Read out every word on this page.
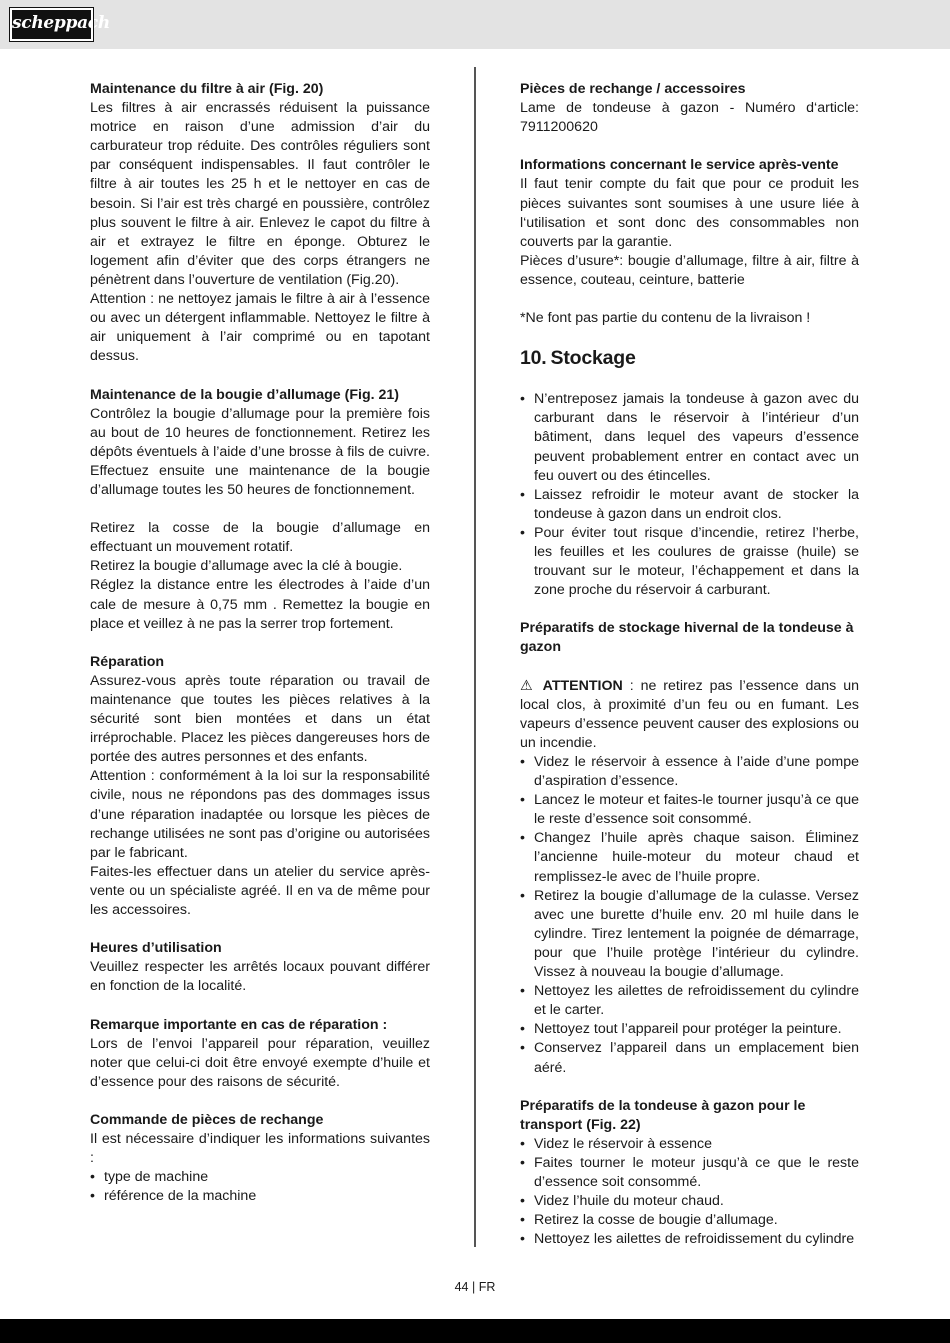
scheppach
Maintenance du filtre à air (Fig. 20)

Les filtres à air encrassés réduisent la puissance motrice en raison d’une admission d’air du carburateur trop réduite. Des contrôles réguliers sont par conséquent indispensables. Il faut contrôler le filtre à air toutes les 25 h et le nettoyer en cas de besoin. Si l’air est très chargé en poussière, contrôlez plus souvent le filtre à air. Enlevez le capot du filtre à air et extrayez le filtre en éponge. Obturez le logement afin d’éviter que des corps étrangers ne pénètrent dans l’ouverture de ventilation (Fig.20).

Attention : ne nettoyez jamais le filtre à air à l’essence ou avec un détergent inflammable. Nettoyez le filtre à air uniquement à l’air comprimé ou en tapotant dessus.

Maintenance de la bougie d’allumage (Fig. 21)

Contrôlez la bougie d’allumage pour la première fois au bout de 10 heures de fonctionnement. Retirez les dépôts éventuels à l’aide d’une brosse à fils de cuivre. Effectuez ensuite une maintenance de la bougie d’allumage toutes les 50 heures de fonctionnement.

Retirez la cosse de la bougie d’allumage en effectuant un mouvement rotatif.

Retirez la bougie d’allumage avec la clé à bougie.

Réglez la distance entre les électrodes à l’aide d’un cale de mesure à 0,75 mm . Remettez la bougie en place et veillez à ne pas la serrer trop fortement.

Réparation

Assurez-vous après toute réparation ou travail de maintenance que toutes les pièces relatives à la sécurité sont bien montées et dans un état irréprochable. Placez les pièces dangereuses hors de portée des autres personnes et des enfants.

Attention : conformément à la loi sur la responsabilité civile, nous ne répondons pas des dommages issus d’une réparation inadaptée ou lorsque les pièces de rechange utilisées ne sont pas d’origine ou autorisées par le fabricant.

Faites-les effectuer dans un atelier du service après-vente ou un spécialiste agréé. Il en va de même pour les accessoires.

Heures d’utilisation

Veuillez respecter les arrêtés locaux pouvant différer en fonction de la localité.

Remarque importante en cas de réparation :

Lors de l’envoi l’appareil pour réparation, veuillez noter que celui-ci doit être envoyé exempte d’huile et d’essence pour des raisons de sécurité.

Commande de pièces de rechange

Il est nécessaire d’indiquer les informations suivantes :

• type de machine
• référence de la machine
Pièces de rechange / accessoires

Lame de tondeuse à gazon - Numéro d‘article: 7911200620

Informations concernant le service après-vente

Il faut tenir compte du fait que pour ce produit les pièces suivantes sont soumises à une usure liée à l‘utilisation et sont donc des consommables non couverts par la garantie.

Pièces d’usure*: bougie d’allumage, filtre à air, filtre à essence, couteau, ceinture, batterie

*Ne font pas partie du contenu de la livraison !

10. Stockage
• N’entreposez jamais la tondeuse à gazon avec du carburant dans le réservoir à l’intérieur d’un bâtiment, dans lequel des vapeurs d’essence peuvent probablement entrer en contact avec un feu ouvert ou des étincelles.
• Laissez refroidir le moteur avant de stocker la tondeuse à gazon dans un endroit clos.
• Pour éviter tout risque d’incendie, retirez l’herbe, les feuilles et les coulures de graisse (huile) se trouvant sur le moteur, l’échappement et dans la zone proche du réservoir á carburant.
Préparatifs de stockage hivernal de la tondeuse à gazon

⚠ ATTENTION : ne retirez pas l’essence dans un local clos, à proximité d’un feu ou en fumant. Les vapeurs d’essence peuvent causer des explosions ou un incendie.

• Videz le réservoir à essence à l’aide d’une pompe d’aspiration d’essence.
• Lancez le moteur et faites-le tourner jusqu’à ce que le reste d’essence soit consommé.
• Changez l’huile après chaque saison. Éliminez l’ancienne huile-moteur du moteur chaud et remplissez-le avec de l’huile propre.
• Retirez la bougie d’allumage de la culasse. Versez avec une burette d’huile env. 20 ml huile dans le cylindre. Tirez lentement la poignée de démarrage, pour que l’huile protège l’intérieur du cylindre. Vissez à nouveau la bougie d’allumage.
• Nettoyez les ailettes de refroidissement du cylindre et le carter.
• Nettoyez tout l’appareil pour protéger la peinture.
• Conservez l’appareil dans un emplacement bien aéré.
Préparatifs de la tondeuse à gazon pour le transport (Fig. 22)
• Videz le réservoir à essence
• Faites tourner le moteur jusqu’à ce que le reste d’essence soit consommé.
• Videz l’huile du moteur chaud.
• Retirez la cosse de bougie d’allumage.
• Nettoyez les ailettes de refroidissement du cylindre
44 | FR
